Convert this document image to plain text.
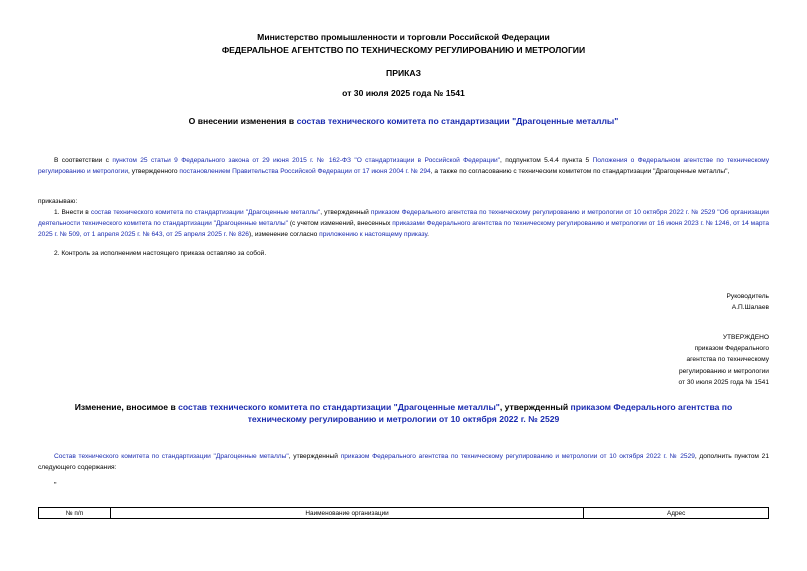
Министерство промышленности и торговли Российской Федерации
ФЕДЕРАЛЬНОЕ АГЕНТСТВО ПО ТЕХНИЧЕСКОМУ РЕГУЛИРОВАНИЮ И МЕТРОЛОГИИ
ПРИКАЗ
от 30 июля 2025 года № 1541
О внесении изменения в состав технического комитета по стандартизации "Драгоценные металлы"
В соответствии с пунктом 25 статьи 9 Федерального закона от 29 июня 2015 г. № 162-ФЗ "О стандартизации в Российской Федерации", подпунктом 5.4.4 пункта 5 Положения о Федеральном агентстве по техническому регулированию и метрологии, утвержденного постановлением Правительства Российской Федерации от 17 июня 2004 г. № 294, а также по согласованию с техническим комитетом по стандартизации "Драгоценные металлы",
приказываю:
1. Внести в состав технического комитета по стандартизации "Драгоценные металлы", утвержденный приказом Федерального агентства по техническому регулированию и метрологии от 10 октября 2022 г. № 2529 "Об организации деятельности технического комитета по стандартизации "Драгоценные металлы" (с учетом изменений, внесенных приказами Федерального агентства по техническому регулированию и метрологии от 16 июня 2023 г. № 1246, от 14 марта 2025 г. № 509, от 1 апреля 2025 г. № 643, от 25 апреля 2025 г. № 826), изменение согласно приложению к настоящему приказу.
2. Контроль за исполнением настоящего приказа оставляю за собой.
Руководитель
А.П.Шалаев
УТВЕРЖДЕНО
приказом Федерального
агентства по техническому
регулированию и метрологии
от 30 июля 2025 года № 1541
Изменение, вносимое в состав технического комитета по стандартизации "Драгоценные металлы", утвержденный приказом Федерального агентства по техническому регулированию и метрологии от 10 октября 2022 г. № 2529
Состав технического комитета по стандартизации "Драгоценные металлы", утвержденный приказом Федерального агентства по техническому регулированию и метрологии от 10 октября 2022 г. № 2529, дополнить пунктом 21 следующего содержания:
"
№ п/п	Наименование организации	Адрес
